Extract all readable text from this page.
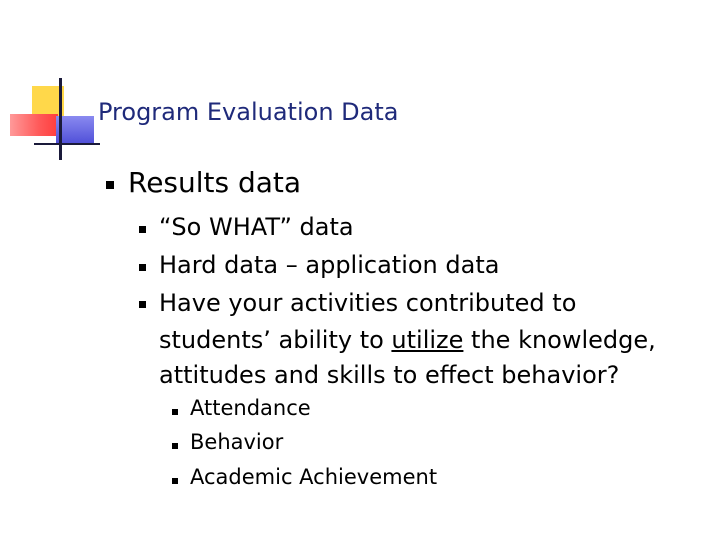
Program Evaluation Data
Results data
“So WHAT” data
Hard data – application data
Have your activities contributed to
students’ ability to utilize the knowledge,
attitudes and skills to effect behavior?
Attendance
Behavior
Academic Achievement
